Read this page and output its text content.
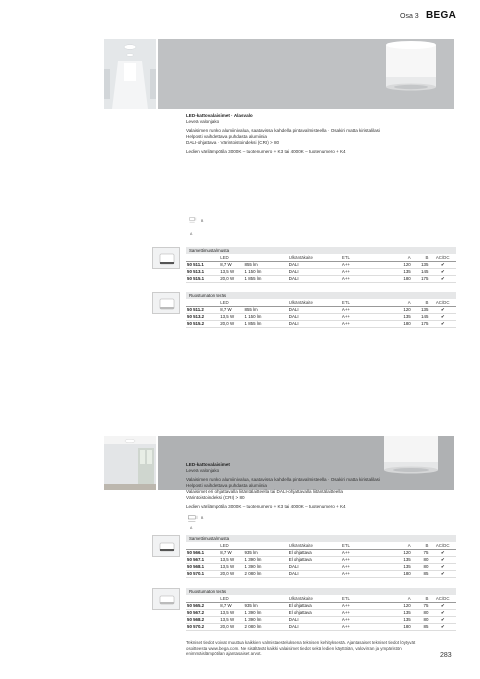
Osa 3 BEGA
LED-kattovalaisimet · Alasvalo
Leveä valonjako
Valaisimen runko alumiinivalua, saatavissa kahdella pintavalmisteella · Osakiri matta kiristalilasi
Helposti vaihdettava puhdasta alumiinia
DALI-ohjattava · Värintoistoindeksi (CRI) > 80
Ledien värilämpötila 3000K – tuotenumero + K3 tai 4000K – tuotenumero + K4
B
A
Samettimusta/musta
	LED		Ulkäntäkaite	ETL	A	B	AC/DC
50 511.1	8,7 W	855 lm	DALI	A++	120	135	✔
50 513.1	13,5 W	1 150 lm	DALI	A++	135	145	✔
50 515.1	20,0 W	1 855 lm	DALI	A++	180	175	✔
Ruostumaton teräs
	LED		Ulkäntäkaite	ETL	A	B	AC/DC
50 511.2	8,7 W	855 lm	DALI	A++	120	135	✔
50 513.2	13,5 W	1 150 lm	DALI	A++	135	145	✔
50 515.2	20,0 W	1 855 lm	DALI	A++	180	175	✔
LED-kattovalaisimet
Leveä valonjako
Valaisimen runko alumiinivalua, saatavissa kahdella pintavalmisteella · Osakiri matta kiristalilasi
Helposti vaihdettava puhdasta alumiinia
Valaisimet eri ohjattavalla liitäntälaitteella tai DALI-ohjattavalla liitäntälaitteella
Värintoistoindeksi (CRI) > 80
Ledien värilämpötila 3000K – tuotenumero + K3 tai 4000K – tuotenumero + K4
B
A
Samettimusta/musta
	LED		Ulkäntäkaite	ETL	A	B	AC/DC
50 566.1	8,7 W	935 lm	El ohjattava	A++	120	75	✔
50 567.1	13,5 W	1 390 lm	El ohjattava	A++	135	80	✔
50 568.1	13,5 W	1 390 lm	DALI	A++	135	80	✔
50 570.1	20,0 W	2 080 lm	DALI	A++	180	85	✔
Ruostumaton teräs
	LED		Ulkäntäkaite	ETL	A	B	AC/DC
50 565.2	8,7 W	935 lm	El ohjattava	A++	120	75	✔
50 567.2	13,5 W	1 390 lm	El ohjattava	A++	135	80	✔
50 568.2	13,5 W	1 390 lm	DALI	A++	135	80	✔
50 570.2	20,0 W	2 080 lm	DALI	A++	180	85	✔
Tekniset tiedot voivat muuttua kaikkien valmistaesteluksena teknisen kehityksestä. Ajantasaiset tekniset tiedot löytyvät osoitteesta www.bega.com. Ne sisältävät kaikki valaisimet tiedot sekä ledien käyttöiän, valovirran ja ympäristön enimmäislämpötilan ajantasaiset arvot.	283
